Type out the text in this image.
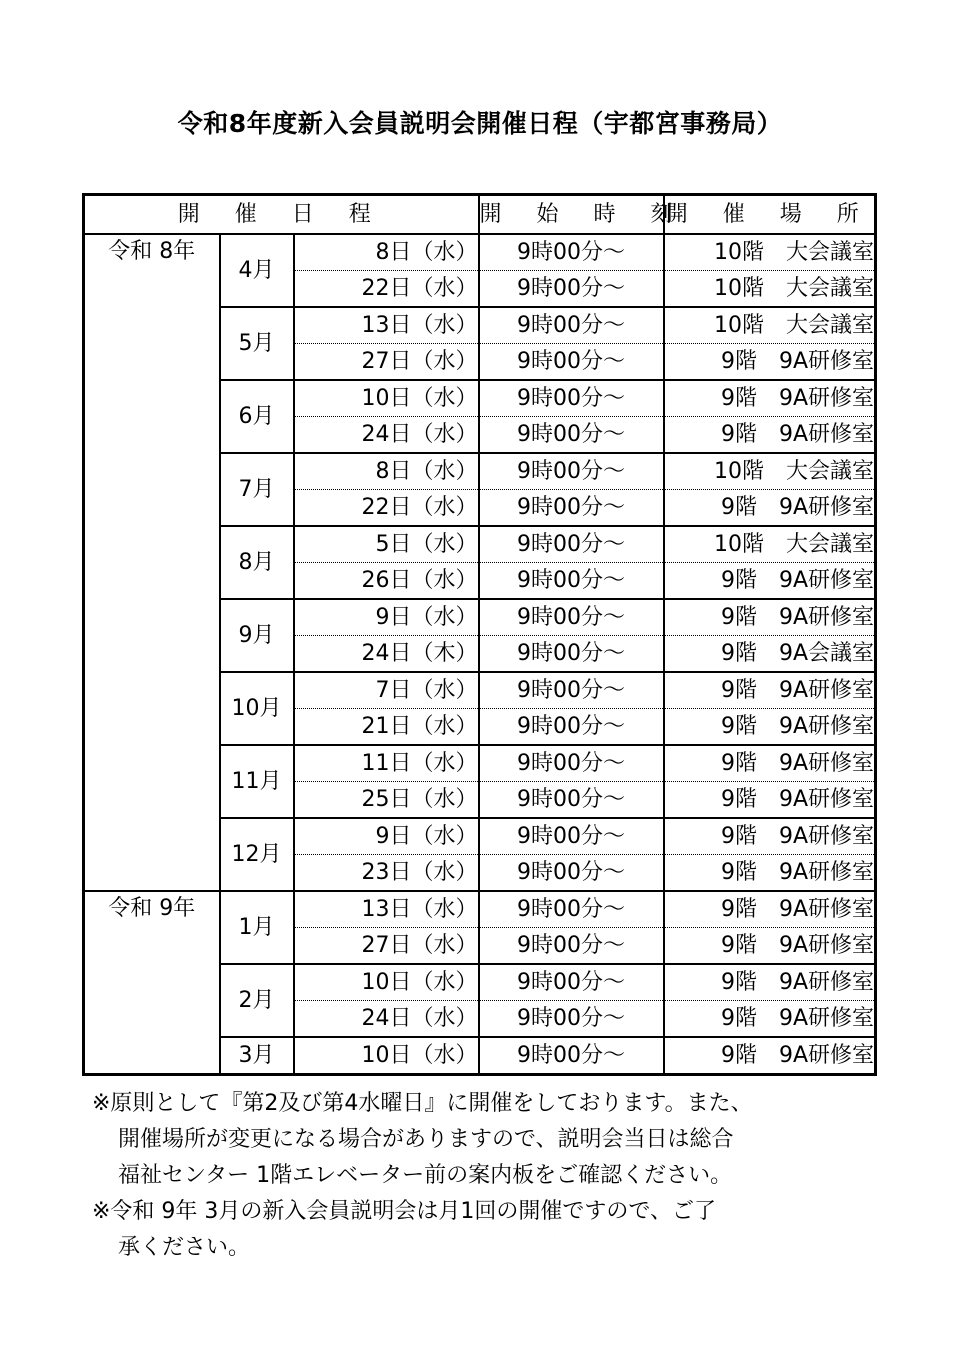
令和8年度新入会員説明会開催日程（宇都宮事務局）
開 催 日 程			開 始 時 刻	開 催 場 所
令和 8年	4月	8日（水）	9時00分～	10階　大会議室
		22日（水）	9時00分～	10階　大会議室
	5月	13日（水）	9時00分～	10階　大会議室
		27日（水）	9時00分～	9階　9A研修室
	6月	10日（水）	9時00分～	9階　9A研修室
		24日（水）	9時00分～	9階　9A研修室
	7月	8日（水）	9時00分～	10階　大会議室
		22日（水）	9時00分～	9階　9A研修室
	8月	5日（水）	9時00分～	10階　大会議室
		26日（水）	9時00分～	9階　9A研修室
	9月	9日（水）	9時00分～	9階　9A研修室
		24日（木）	9時00分～	9階　9A会議室
	10月	7日（水）	9時00分～	9階　9A研修室
		21日（水）	9時00分～	9階　9A研修室
	11月	11日（水）	9時00分～	9階　9A研修室
		25日（水）	9時00分～	9階　9A研修室
	12月	9日（水）	9時00分～	9階　9A研修室
		23日（水）	9時00分～	9階　9A研修室
令和 9年	1月	13日（水）	9時00分～	9階　9A研修室
		27日（水）	9時00分～	9階　9A研修室
	2月	10日（水）	9時00分～	9階　9A研修室
		24日（水）	9時00分～	9階　9A研修室
	3月	10日（水）	9時00分～	9階　9A研修室
※原則として『第2及び第4水曜日』に開催をしております。また、
開催場所が変更になる場合がありますので、説明会当日は総合
福祉センター 1階エレベーター前の案内板をご確認ください。
※令和 9年 3月の新入会員説明会は月1回の開催ですので、ご了
承ください。
